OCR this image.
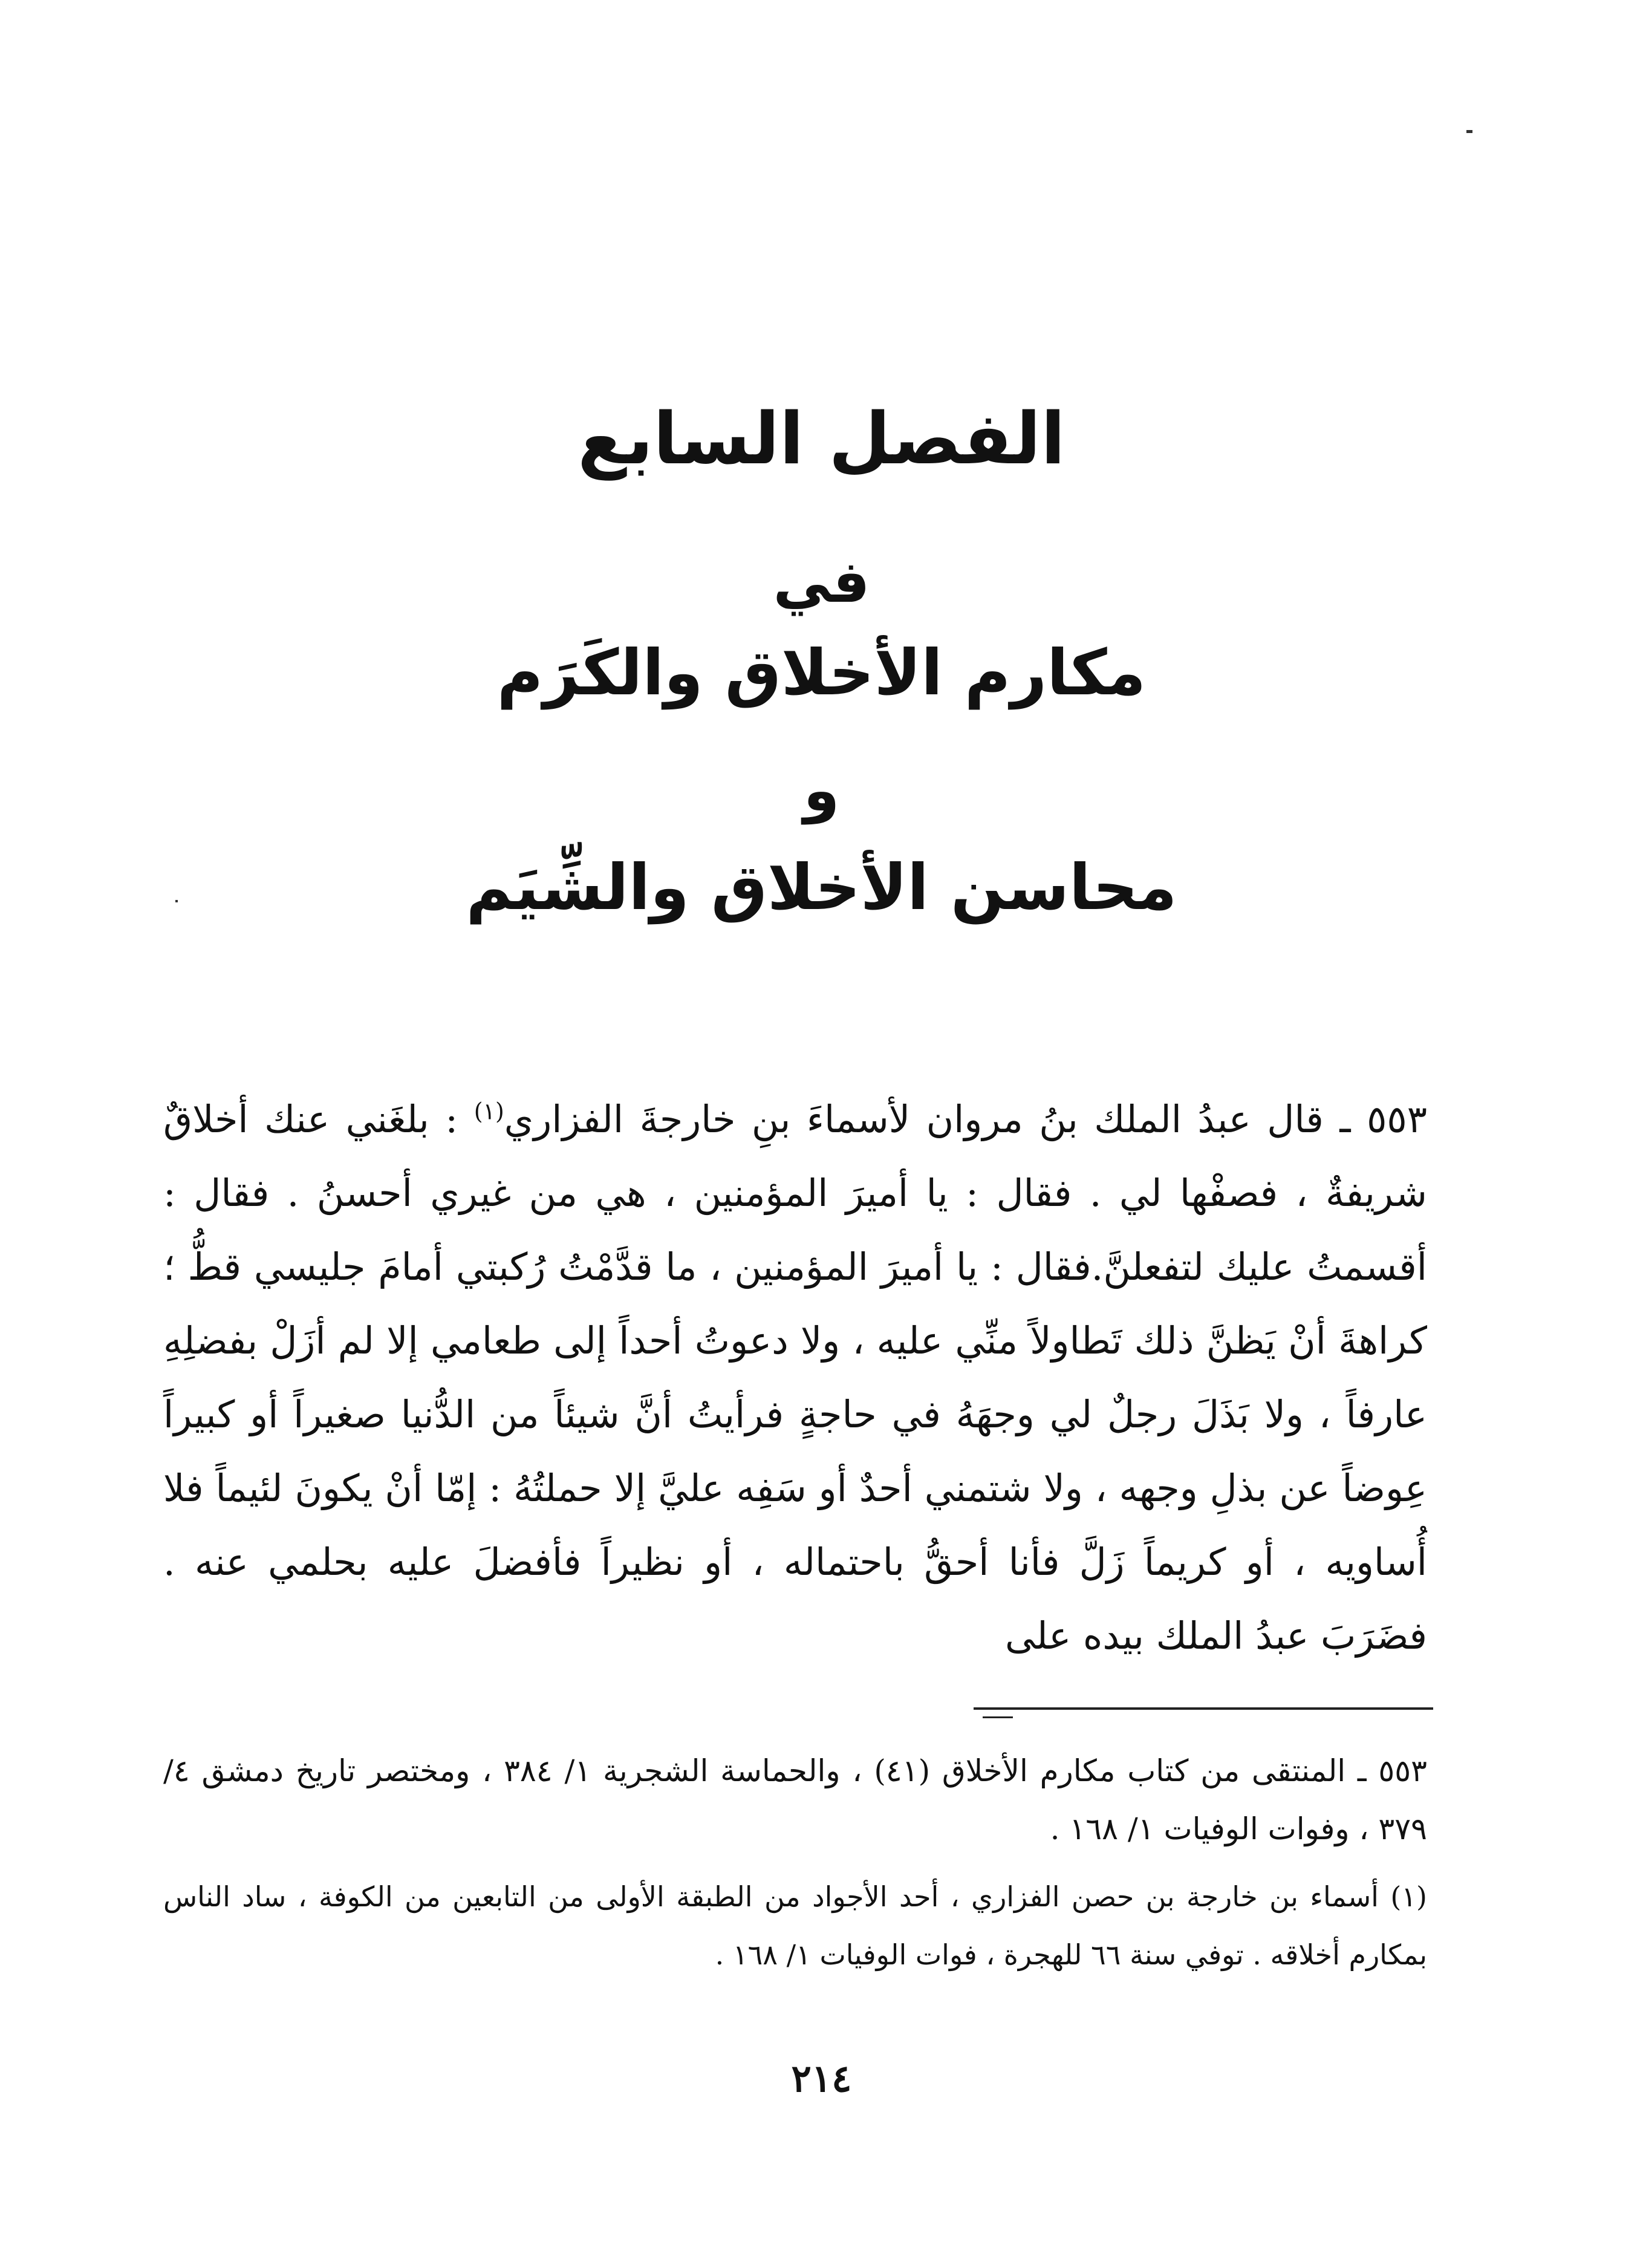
الفصل السابع
في
مكارم الأخلاق والكَرَم
و
محاسن الأخلاق والشِّيَم

٥٥٣ ـ قال عبدُ الملك بنُ مروان لأسماءَ بنِ خارجةَ الفزاري$^{(١)}$ : بلغَني عنك أخلاقٌ شريفةٌ ، فصفْها لي . فقال : يا أميرَ المؤمنين ، هي من غيري أحسنُ . فقال : أقسمتُ عليك لتفعلنَّ.فقال : يا أميرَ المؤمنين ، ما قدَّمْتُ رُكبتي أمامَ جليسي قطُّ ؛ كراهةَ أنْ يَظنَّ ذلك تَطاولاً منِّي عليه ، ولا دعوتُ أحداً إلى طعامي إلا لم أزَلْ بفضلِهِ عارفاً ، ولا بَذَلَ رجلٌ لي وجهَهُ في حاجةٍ فرأيتُ أنَّ شيئاً من الدُّنيا صغيراً أو كبيراً عِوضاً عن بذلِ وجهه ، ولا شتمني أحدٌ أو سَفِه عليَّ إلا حملتُهُ : إمّا أنْ يكونَ لئيماً فلا أُساويه ، أو كريماً زَلَّ فأنا أحقُّ باحتماله ، أو نظيراً فأفضلَ عليه بحلمي عنه . فضَرَبَ عبدُ الملك بيده على

٥٥٣ ـ المنتقى من كتاب مكارم الأخلاق (٤١) ، والحماسة الشجرية ١/ ٣٨٤ ، ومختصر تاريخ دمشق ٤/ ٣٧٩ ، وفوات الوفيات ١/ ١٦٨ .

(١) أسماء بن خارجة بن حصن الفزاري ، أحد الأجواد من الطبقة الأولى من التابعين من الكوفة ، ساد الناس بمكارم أخلاقه . توفي سنة ٦٦ للهجرة ، فوات الوفيات ١/ ١٦٨ .

٢١٤
